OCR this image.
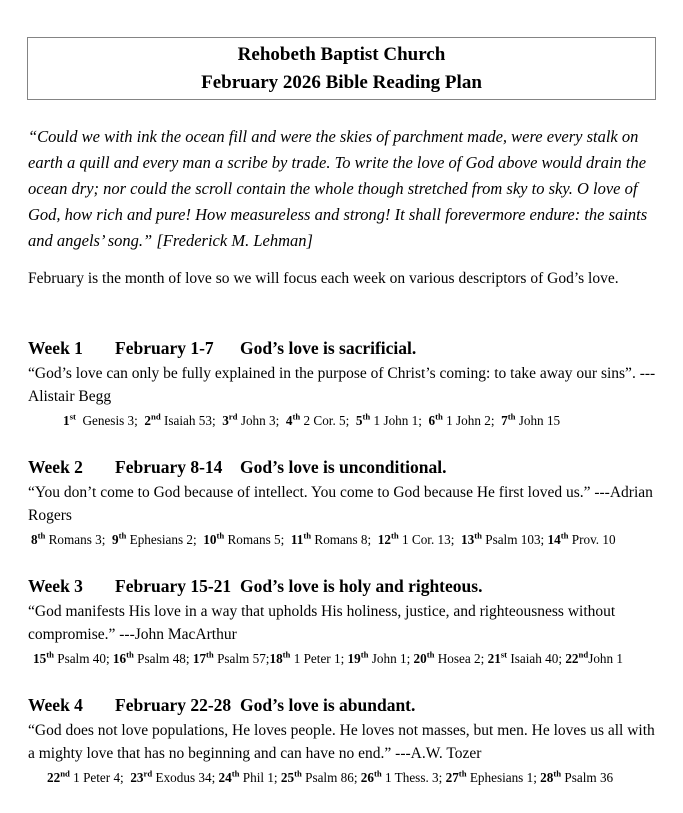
Rehobeth Baptist Church
February 2026 Bible Reading Plan

“Could we with ink the ocean fill and were the skies of parchment made, were every stalk on earth a quill and every man a scribe by trade. To write the love of God above would drain the ocean dry; nor could the scroll contain the whole though stretched from sky to sky. O love of God, how rich and pure! How measureless and strong! It shall forevermore endure: the saints and angels’ song.” [Frederick M. Lehman]

February is the month of love so we will focus each week on various descriptors of God’s love.

Week 1 February 1-7 God’s love is sacrificial.
“God’s love can only be fully explained in the purpose of Christ’s coming: to take away our sins”. ---Alistair Begg
1st  Genesis 3;  2nd Isaiah 53;  3rd John 3;  4th 2 Cor. 5;  5th 1 John 1;  6th 1 John 2;  7th John 15
Week 2 February 8-14 God’s love is unconditional.
“You don’t come to God because of intellect. You come to God because He first loved us.” ---Adrian Rogers
8th Romans 3;  9th Ephesians 2;  10th Romans 5;  11th Romans 8;  12th 1 Cor. 13;  13th Psalm 103; 14th Prov. 10
Week 3 February 15-21 God’s love is holy and righteous.
“God manifests His love in a way that upholds His holiness, justice, and righteousness without compromise.” ---John MacArthur
15th Psalm 40; 16th Psalm 48; 17th Psalm 57;18th 1 Peter 1; 19th John 1; 20th Hosea 2; 21st Isaiah 40; 22ndJohn 1
Week 4 February 22-28 God’s love is abundant.
“God does not love populations, He loves people. He loves not masses, but men. He loves us all with a mighty love that has no beginning and can have no end.” ---A.W. Tozer
22nd 1 Peter 4;  23rd Exodus 34; 24th Phil 1; 25th Psalm 86; 26th 1 Thess. 3; 27th Ephesians 1; 28th Psalm 36
